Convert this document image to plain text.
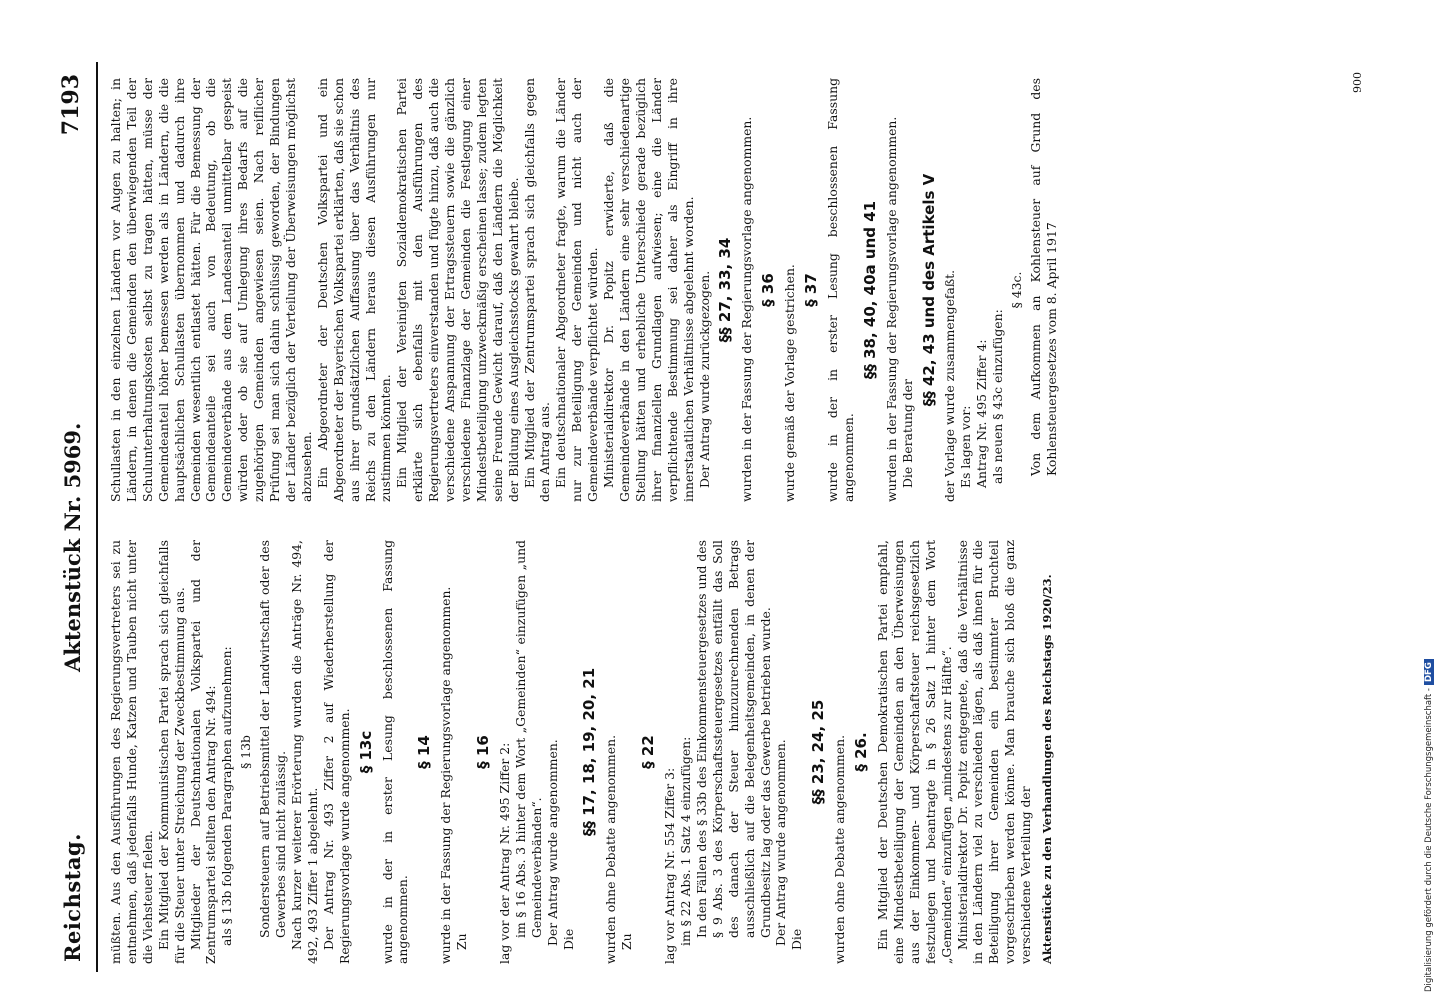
Reichstag.
Aktenstück Nr. 5969.
7193
müßten. Aus den Ausführungen des Regierungsvertreters sei zu entnehmen, daß jedenfalls Hunde, Katzen und Tauben nicht unter die Viehsteuer fielen. Ein Mitglied der Kommunistischen Partei sprach sich gleichfalls für die Steuer unter Streichung der Zweckbestimmung aus. Mitglieder der Deutschnationalen Volkspartei und der Zentrumspartei stellten den Antrag Nr. 494: als § 13b folgenden Paragraphen aufzunehmen: § 13b Sondersteuern auf Betriebsmittel der Landwirtschaft oder des Gewerbes sind nicht zulässig. Nach kurzer weiterer Erörterung wurden die Anträge Nr. 494, 492, 493 Ziffer 1 abgelehnt. Der Antrag Nr. 493 Ziffer 2 auf Wiederherstellung der Regierungsvorlage wurde angenommen. § 13c wurde in der in erster Lesung beschlossenen Fassung angenommen.
§ 14 wurde in der Fassung der Regierungsvorlage angenommen. Zu
§ 16 lag vor der Antrag Nr. 495 Ziffer 2: im § 16 Abs. 3 hinter dem Wort „Gemeinden“ einzufügen „und Gemeindeverbänden“. Der Antrag wurde angenommen. Die
§§ 17, 18, 19, 20, 21 wurden ohne Debatte angenommen. Zu
§ 22
lag vor Antrag Nr. 554 Ziffer 3: im § 22 Abs. 1 Satz 4 einzufügen: In den Fällen des § 33b des Einkommensteuergesetzes und des § 9 Abs. 3 des Körperschaftssteuergesetzes entfällt das Soll des danach der Steuer hinzuzurechnenden Betrags ausschließlich auf die Belegenheitsgemeinden, in denen der Grundbesitz lag oder das Gewerbe betrieben wurde. Der Antrag wurde angenommen. Die
§§ 23, 24, 25 wurden ohne Debatte angenommen. § 26. Ein Mitglied der Deutschen Demokratischen Partei empfahl, eine Mindestbeteiligung der Gemeinden an den Überweisungen aus der Einkommen- und Körperschaftsteuer reichsgesetzlich festzulegen und beantragte in § 26 Satz 1 hinter dem Wort „Gemeinden“ einzufügen „mindestens zur Hälfte“. Ministerialdirektor Dr. Popitz entgegnete, daß die Verhältnisse in den Ländern viel zu verschieden lägen, als daß ihnen für die Beteiligung ihrer Gemeinden ein bestimmter Bruchteil vorgeschrieben werden könne. Man brauche sich bloß die ganz verschiedene Verteilung der Aktenstücke zu den Verhandlungen des Reichstags 1920/23.
Schullasten in den einzelnen Ländern vor Augen zu halten; in Ländern, in denen die Gemeinden den überwiegenden Teil der Schulunterhaltungskosten selbst zu tragen hätten, müsse der Gemeindeanteil höher bemessen werden als in Ländern, die die hauptsächlichen Schullasten übernommen und dadurch ihre Gemeinden wesentlich entlastet hätten. Für die Bemessung der Gemeindeanteile sei auch von Bedeutung, ob die Gemeindeverbände aus dem Landesanteil unmittelbar gespeist würden oder ob sie auf Umlegung ihres Bedarfs auf die zugehörigen Gemeinden angewiesen seien. Nach reiflicher Prüfung sei man sich dahin schlüssig geworden, der Bindungen der Länder bezüglich der Verteilung der Überweisungen möglichst abzusehen. Ein Abgeordneter der Deutschen Volkspartei und ein Abgeordneter der Bayerischen Volkspartei erklärten, daß sie schon aus ihrer grundsätzlichen Auffassung über das Verhältnis des Reichs zu den Ländern heraus diesen Ausführungen nur zustimmen könnten. Ein Mitglied der Vereinigten Sozialdemokratischen Partei erklärte sich ebenfalls mit den Ausführungen des Regierungsvertreters einverstanden und fügte hinzu, daß auch die verschiedene Anspannung der Ertragssteuern sowie die gänzlich verschiedene Finanzlage der Gemeinden die Festlegung einer Mindestbeteiligung unzweckmäßig erscheinen lasse; zudem legten seine Freunde Gewicht darauf, daß den Ländern die Möglichkeit der Bildung eines Ausgleichsstocks gewahrt bleibe. Ein Mitglied der Zentrumspartei sprach sich gleichfalls gegen den Antrag aus. Ein deutschnationaler Abgeordneter fragte, warum die Länder nur zur Beteiligung der Gemeinden und nicht auch der Gemeindeverbände verpflichtet würden. Ministerialdirektor Dr. Popitz erwiderte, daß die Gemeindeverbände in den Ländern eine sehr verschiedenartige Stellung hätten und erhebliche Unterschiede gerade bezüglich ihrer finanziellen Grundlagen aufwiesen; eine die Länder verpflichtende Bestimmung sei daher als Eingriff in ihre innerstaatlichen Verhältnisse abgelehnt worden. Der Antrag wurde zurückgezogen. §§ 27, 33, 34 wurden in der Fassung der Regierungsvorlage angenommen. § 36 wurde gemäß der Vorlage gestrichen. § 37 wurde in der in erster Lesung beschlossenen Fassung angenommen.
§§ 38, 40, 40a und 41 wurden in der Fassung der Regierungsvorlage angenommen. Die Beratung der
§§ 42, 43 und des Artikels V der Vorlage wurde zusammengefaßt. Es lagen vor: Antrag Nr. 495 Ziffer 4: als neuen § 43c einzufügen:
§ 43c. Von dem Aufkommen an Kohlensteuer auf Grund des Kohlensteuergesetzes vom 8. April 1917
900
Digitalisierung gefördert durch die Deutsche Forschungsgemeinschaft -DFG
